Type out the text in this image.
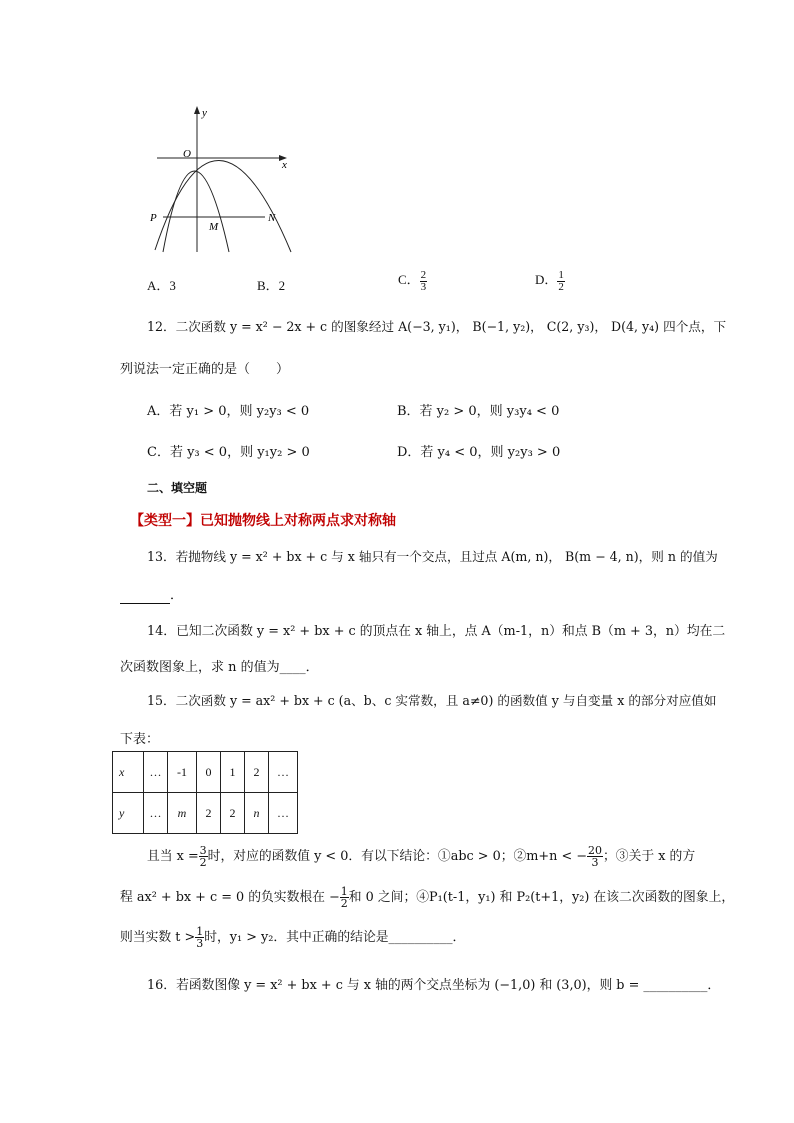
y
x
O
P	N
M
A．3	B．2	C． $\frac{2}{3}$	D． $\frac{1}{2}$
12．二次函数 y = x² − 2x + c 的图象经过 A(−3, y₁)， B(−1, y₂)， C(2, y₃)， D(4, y₄) 四个点，下
列说法一定正确的是（　　）
A．若 y₁ > 0，则 y₂y₃ < 0	B．若 y₂ > 0，则 y₃y₄ < 0
C．若 y₃ < 0，则 y₁y₂ > 0	D．若 y₄ < 0，则 y₂y₃ > 0
二、填空题
【类型一】已知抛物线上对称两点求对称轴
13．若抛物线 y = x² + bx + c 与 x 轴只有一个交点，且过点 A(m, n)， B(m − 4, n)，则 n 的值为
．
14．已知二次函数 y = x² + bx + c 的顶点在 x 轴上，点 A（m-1，n）和点 B（m + 3，n）均在二
次函数图象上，求 n 的值为____．
15．二次函数 y = ax² + bx + c (a、b、c 实常数，且 a≠0) 的函数值 y 与自变量 x 的部分对应值如
下表：
x	…	-1	0	1	2	…
y	…	m	2	2	n	…
且当 $x = \frac{3}{2}$ 时，对应的函数值 y < 0．有以下结论：①abc > 0；②m+n < − $\frac{20}{3}$ ；③关于 x 的方
程 ax² + bx + c = 0 的负实数根在 − $\frac{1}{2}$ 和 0 之间；④P₁(t-1，y₁) 和 P₂(t+1，y₂) 在该二次函数的图象上，
则当实数 $t > \frac{1}{3}$ 时，y₁ > y₂．其中正确的结论是__________．
16．若函数图像 y = x² + bx + c 与 x 轴的两个交点坐标为 (−1,0) 和 (3,0)，则 b = __________．
